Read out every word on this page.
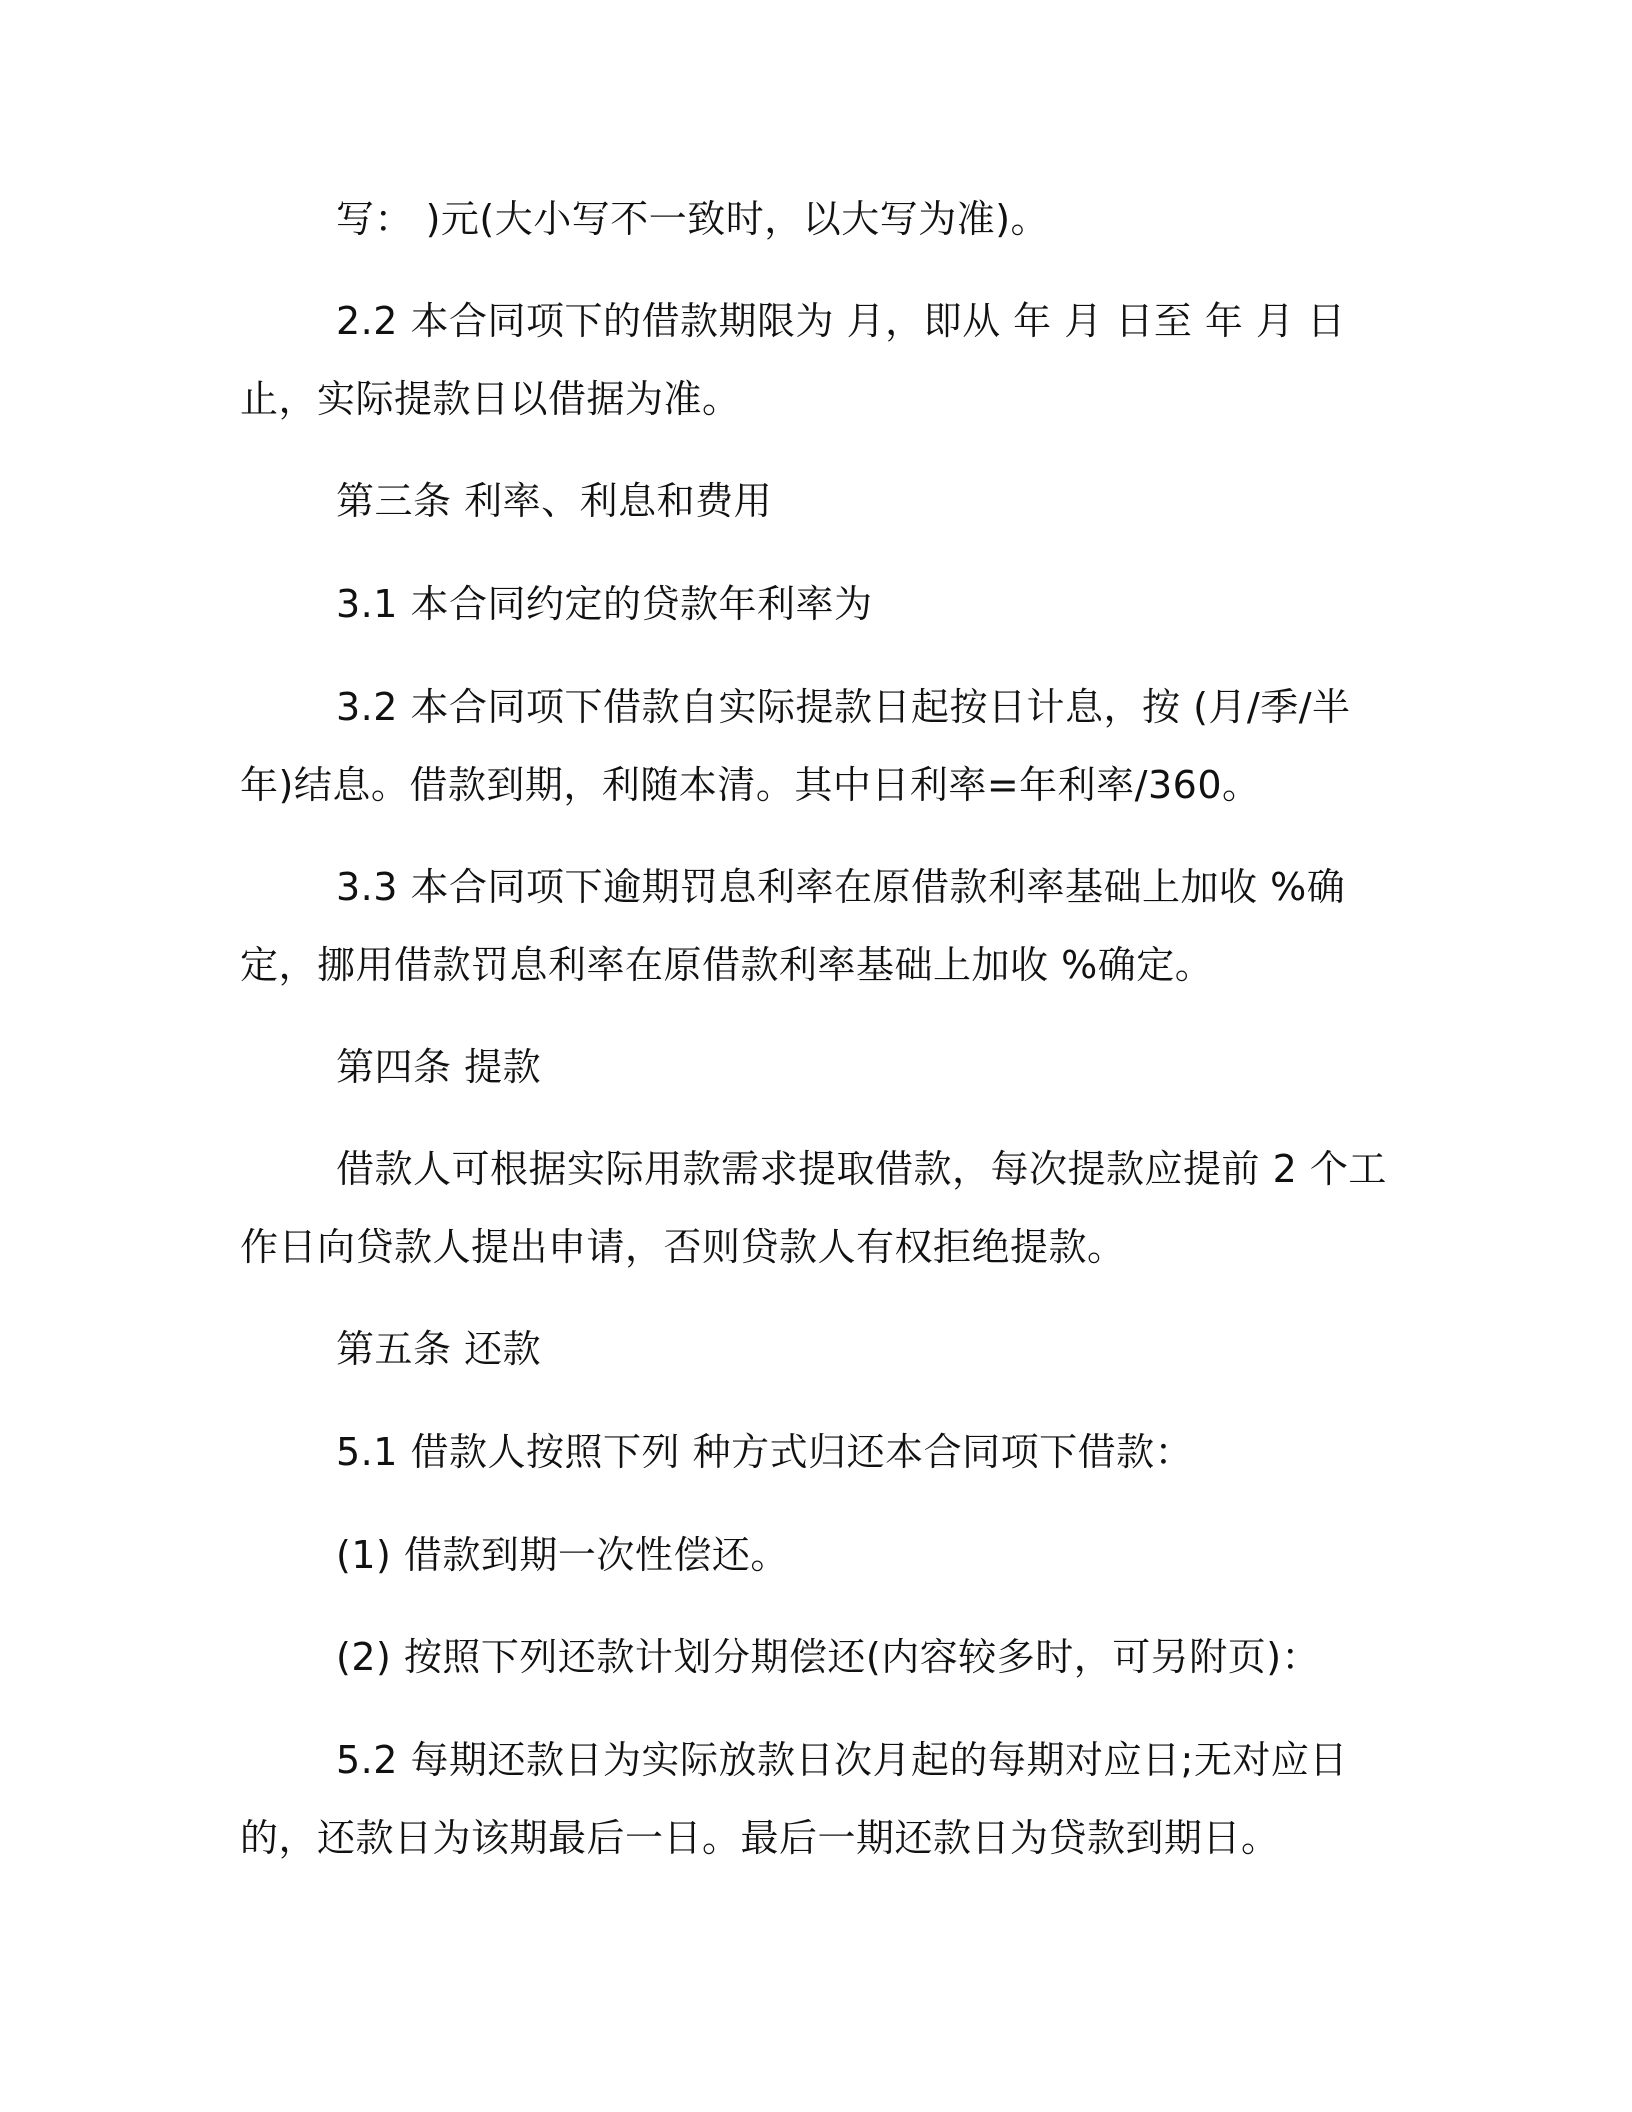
写： )元(大小写不一致时，以大写为准)。

2.2 本合同项下的借款期限为 月，即从 年 月 日至 年 月 日止，实际提款日以借据为准。

第三条 利率、利息和费用

3.1 本合同约定的贷款年利率为

3.2 本合同项下借款自实际提款日起按日计息，按 (月/季/半年)结息。借款到期，利随本清。其中日利率=年利率/360。

3.3 本合同项下逾期罚息利率在原借款利率基础上加收 %确定，挪用借款罚息利率在原借款利率基础上加收 %确定。

第四条 提款

借款人可根据实际用款需求提取借款，每次提款应提前 2 个工作日向贷款人提出申请，否则贷款人有权拒绝提款。

第五条 还款

5.1 借款人按照下列 种方式归还本合同项下借款：

(1) 借款到期一次性偿还。

(2) 按照下列还款计划分期偿还(内容较多时，可另附页)：

5.2 每期还款日为实际放款日次月起的每期对应日;无对应日的，还款日为该期最后一日。最后一期还款日为贷款到期日。
